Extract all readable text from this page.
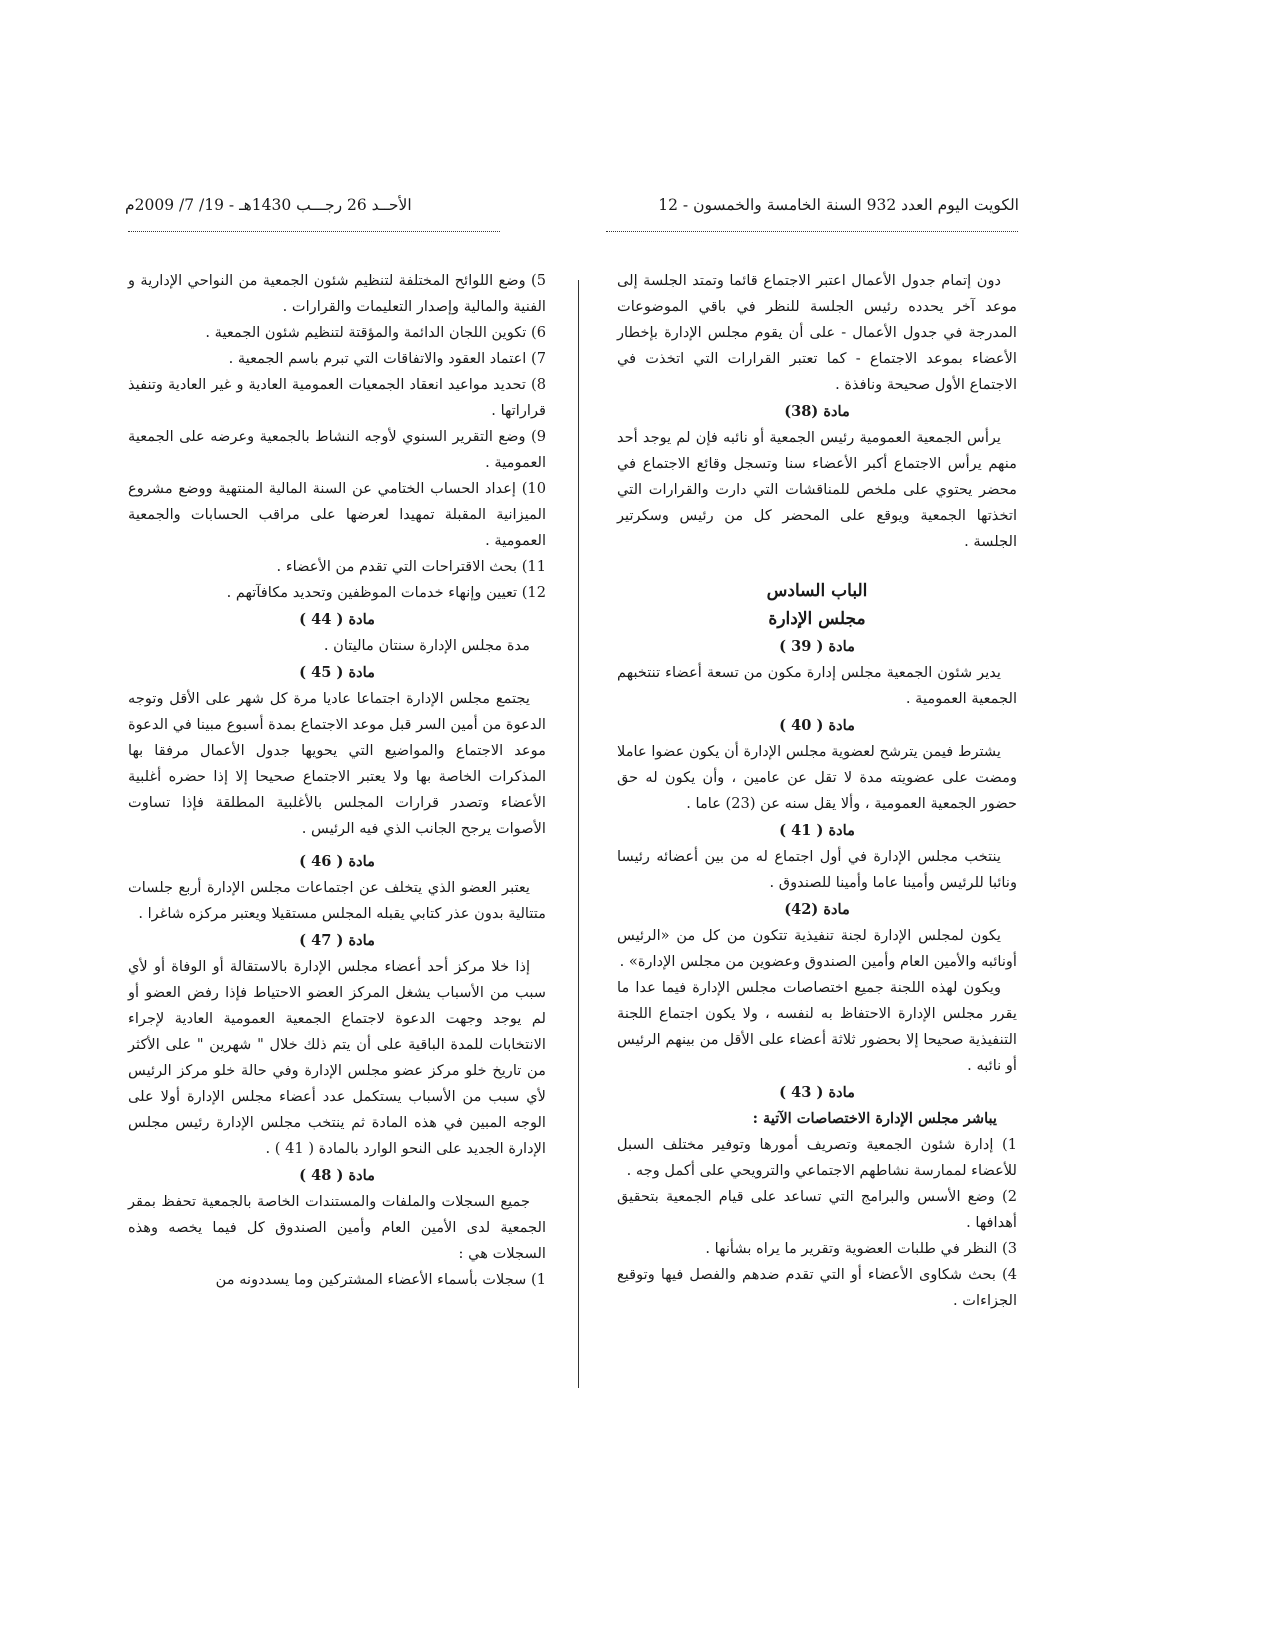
الكويت اليوم العدد 932 السنة الخامسة والخمسون - 12
الأحــد 26 رجـــب 1430هـ - 19/ 7/ 2009م

دون إتمام جدول الأعمال اعتبر الاجتماع قائما وتمتد الجلسة إلى موعد آخر يحدده رئيس الجلسة للنظر في باقي الموضوعات المدرجة في جدول الأعمال - على أن يقوم مجلس الإدارة بإخطار الأعضاء بموعد الاجتماع - كما تعتبر القرارات التي اتخذت في الاجتماع الأول صحيحة ونافذة .

مادة (38)

يرأس الجمعية العمومية رئيس الجمعية أو نائبه فإن لم يوجد أحد منهم يرأس الاجتماع أكبر الأعضاء سنا وتسجل وقائع الاجتماع في محضر يحتوي على ملخص للمناقشات التي دارت والقرارات التي اتخذتها الجمعية ويوقع على المحضر كل من رئيس وسكرتير الجلسة .

الباب السادس
مجلس الإدارة
مادة ( 39 )

يدير شئون الجمعية مجلس إدارة مكون من تسعة أعضاء تنتخبهم الجمعية العمومية .

مادة ( 40 )

يشترط فيمن يترشح لعضوية مجلس الإدارة أن يكون عضوا عاملا ومضت على عضويته مدة لا تقل عن عامين ، وأن يكون له حق حضور الجمعية العمومية ، وألا يقل سنه عن (23) عاما .

مادة ( 41 )

ينتخب مجلس الإدارة في أول اجتماع له من بين أعضائه رئيسا ونائبا للرئيس وأمينا عاما وأمينا للصندوق .

مادة (42)

يكون لمجلس الإدارة لجنة تنفيذية تتكون من كل من «الرئيس أونائبه والأمين العام وأمين الصندوق وعضوين من مجلس الإدارة» .

ويكون لهذه اللجنة جميع اختصاصات مجلس الإدارة فيما عدا ما يقرر مجلس الإدارة الاحتفاظ به لنفسه ، ولا يكون اجتماع اللجنة التنفيذية صحيحا إلا بحضور ثلاثة أعضاء على الأقل من بينهم الرئيس أو نائبه .

مادة ( 43 )

يباشر مجلس الإدارة الاختصاصات الآتية :

1) إدارة شئون الجمعية وتصريف أمورها وتوفير مختلف السبل للأعضاء لممارسة نشاطهم الاجتماعي والترويحي على أكمل وجه .

2) وضع الأسس والبرامج التي تساعد على قيام الجمعية بتحقيق أهدافها .

3) النظر في طلبات العضوية وتقرير ما يراه بشأنها .

4) بحث شكاوى الأعضاء أو التي تقدم ضدهم والفصل فيها وتوقيع الجزاءات .

5) وضع اللوائح المختلفة لتنظيم شئون الجمعية من النواحي الإدارية و الفنية والمالية وإصدار التعليمات والقرارات .

6) تكوين اللجان الدائمة والمؤقتة لتنظيم شئون الجمعية .

7) اعتماد العقود والاتفاقات التي تبرم باسم الجمعية .

8) تحديد مواعيد انعقاد الجمعيات العمومية العادية و غير العادية وتنفيذ قراراتها .

9) وضع التقرير السنوي لأوجه النشاط بالجمعية وعرضه على الجمعية العمومية .

10) إعداد الحساب الختامي عن السنة المالية المنتهية ووضع مشروع الميزانية المقبلة تمهيدا لعرضها على مراقب الحسابات والجمعية العمومية .

11) بحث الاقتراحات التي تقدم من الأعضاء .

12) تعيين وإنهاء خدمات الموظفين وتحديد مكافآتهم .

مادة ( 44 )

مدة مجلس الإدارة سنتان ماليتان .

مادة ( 45 )

يجتمع مجلس الإدارة اجتماعا عاديا مرة كل شهر على الأقل وتوجه الدعوة من أمين السر قبل موعد الاجتماع بمدة أسبوع مبينا في الدعوة موعد الاجتماع والمواضيع التي يحويها جدول الأعمال مرفقا بها المذكرات الخاصة بها ولا يعتبر الاجتماع صحيحا إلا إذا حضره أغلبية الأعضاء وتصدر قرارات المجلس بالأغلبية المطلقة فإذا تساوت الأصوات يرجح الجانب الذي فيه الرئيس .

مادة ( 46 )

يعتبر العضو الذي يتخلف عن اجتماعات مجلس الإدارة أربع جلسات متتالية بدون عذر كتابي يقبله المجلس مستقيلا ويعتبر مركزه شاغرا .

مادة ( 47 )

إذا خلا مركز أحد أعضاء مجلس الإدارة بالاستقالة أو الوفاة أو لأي سبب من الأسباب يشغل المركز العضو الاحتياط فإذا رفض العضو أو لم يوجد وجهت الدعوة لاجتماع الجمعية العمومية العادية لإجراء الانتخابات للمدة الباقية على أن يتم ذلك خلال " شهرين " على الأكثر من تاريخ خلو مركز عضو مجلس الإدارة وفي حالة خلو مركز الرئيس لأي سبب من الأسباب يستكمل عدد أعضاء مجلس الإدارة أولا على الوجه المبين في هذه المادة ثم ينتخب مجلس الإدارة رئيس مجلس الإدارة الجديد على النحو الوارد بالمادة ( 41 ) .

مادة ( 48 )

جميع السجلات والملفات والمستندات الخاصة بالجمعية تحفظ بمقر الجمعية لدى الأمين العام وأمين الصندوق كل فيما يخصه وهذه السجلات هي :

1) سجلات بأسماء الأعضاء المشتركين وما يسددونه من
